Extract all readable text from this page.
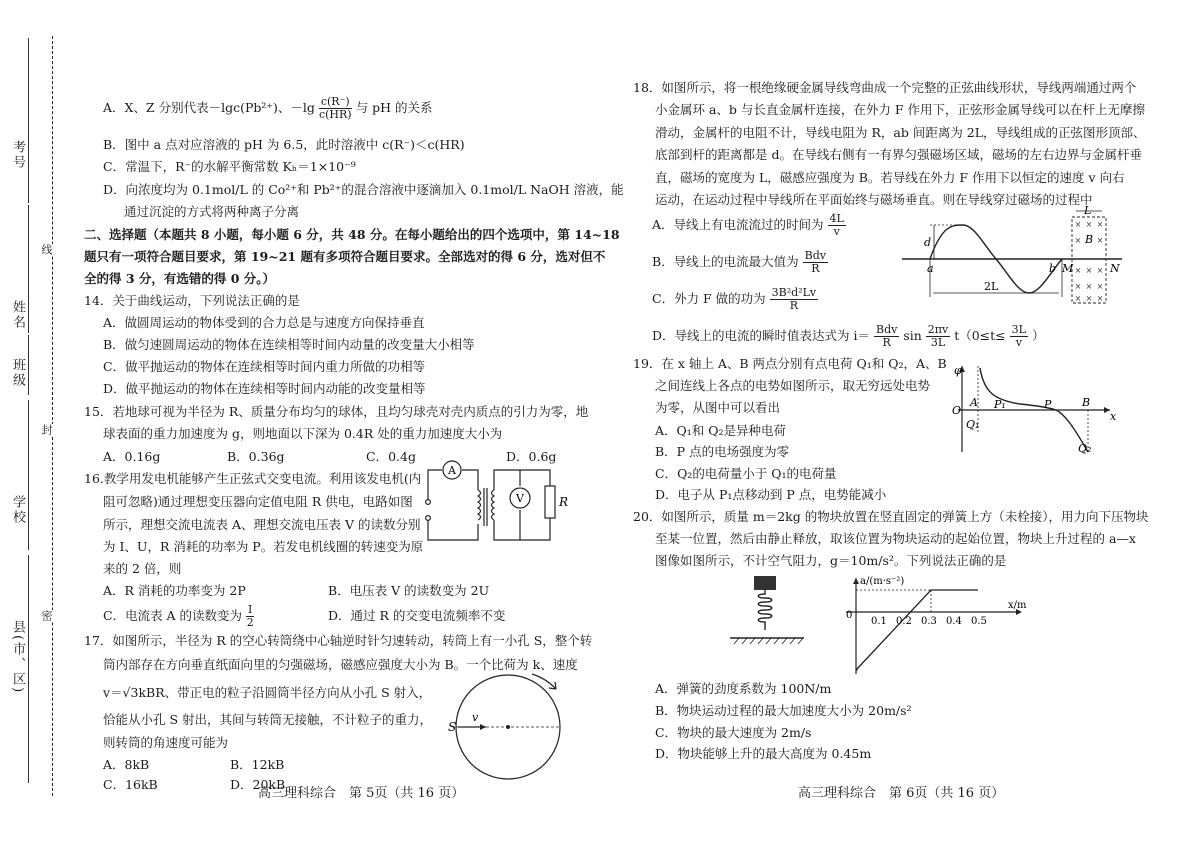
考号
姓名
班级
学校
县(市、区)
线
封
密
A．X、Z 分别代表－lgc(Pb²⁺)、$-\lg \frac{c(R^-)}{c(HR)}$ 与 pH 的关系
B．图中 a 点对应溶液的 pH 为 6.5，此时溶液中 c(R⁻)＜c(HR)
C．常温下，R⁻的水解平衡常数 Kₕ＝1×10⁻⁹
D．向浓度均为 0.1mol/L 的 Co²⁺和 Pb²⁺的混合溶液中逐滴加入 0.1mol/L NaOH 溶液，能
通过沉淀的方式将两种离子分离
二、选择题（本题共 8 小题，每小题 6 分，共 48 分。在每小题给出的四个选项中，第 14~18
题只有一项符合题目要求，第 19~21 题有多项符合题目要求。全部选对的得 6 分，选对但不
全的得 3 分，有选错的得 0 分。）
14．关于曲线运动，下列说法正确的是
A．做圆周运动的物体受到的合力总是与速度方向保持垂直
B．做匀速圆周运动的物体在连续相等时间内动量的改变量大小相等
C．做平抛运动的物体在连续相等时间内重力所做的功相等
D．做平抛运动的物体在连续相等时间内动能的改变量相等
15．若地球可视为半径为 R、质量分布均匀的球体，且均匀球壳对壳内质点的引力为零，地
球表面的重力加速度为 g，则地面以下深为 0.4R 处的重力加速度大小为
A．0.16g	B．0.36g	C．0.4g	D．0.6g
16.教学用发电机能够产生正弦式交变电流。利用该发电机(内
阻可忽略)通过理想变压器向定值电阻 R 供电，电路如图
所示，理想交流电流表 A、理想交流电压表 V 的读数分别
为 I、U，R 消耗的功率为 P。若发电机线圈的转速变为原
来的 2 倍，则
A
V	R
A．R 消耗的功率变为 2P	B．电压表 V 的读数变为 2U
C．电流表 A 的读数变为 $\frac{I}{2}$	D．通过 R 的交变电流频率不变
17．如图所示，半径为 R 的空心转筒绕中心轴逆时针匀速转动，转筒上有一小孔 S，整个转
筒内部存在方向垂直纸面向里的匀强磁场，磁感应强度大小为 B。一个比荷为 k、速度
v＝√3kBR、带正电的粒子沿圆筒半径方向从小孔 S 射入，
恰能从小孔 S 射出，其间与转筒无接触，不计粒子的重力，
则转筒的角速度可能为
A．8kB	B．12kB
C．16kB	D．20kB
S
v
高三理科综合　第 5页（共 16 页）
18．如图所示，将一根绝缘硬金属导线弯曲成一个完整的正弦曲线形状，导线两端通过两个
小金属环 a、b 与长直金属杆连接，在外力 F 作用下，正弦形金属导线可以在杆上无摩擦
滑动，金属杆的电阻不计，导线电阻为 R，ab 间距离为 2L，导线组成的正弦图形顶部、
底部到杆的距离都是 d。在导线右侧有一有界匀强磁场区域，磁场的左右边界与金属杆垂
直，磁场的宽度为 L，磁感应强度为 B。若导线在外力 F 作用下以恒定的速度 v 向右
运动，在运动过程中导线所在平面始终与磁场垂直。则在导线穿过磁场的过程中
A．导线上有电流流过的时间为 $\frac{4L}{v}$
B．导线上的电流最大值为 $\frac{\text{Bdv}}{R}$
C．外力 F 做的功为 $\frac{\text{3B²d²Lv}}{R}$
D．导线上的电流的瞬时值表达式为 $i= \frac{\text{Bdv}}{R}$ $\sin \frac{2\pi v}{3L} t(0\le t\le \frac{3L}{v}$ ）
× × ×
× ×
× × ×
× × ×
× × ×
L
d
a	b M	N
B
2L
19．在 x 轴上 A、B 两点分别有点电荷 Q₁和 Q₂，A、B
之间连线上各点的电势如图所示，取无穷远处电势
为零，从图中可以看出
A．Q₁和 Q₂是异种电荷
B．P 点的电场强度为零
C．Q₂的电荷量小于 Q₁的电荷量
D．电子从 P₁点移动到 P 点，电势能减小
φ
O
A P₁	P	B
Q₁
Q₂
x
20．如图所示，质量 m＝2kg 的物块放置在竖直固定的弹簧上方（未栓接），用力向下压物块
至某一位置，然后由静止释放，取该位置为物块运动的起始位置，物块上升过程的 a—x
图像如图所示，不计空气阻力，g＝10m/s²。下列说法正确的是
a/(m·s⁻²)
x/m
0
0.1 0.2 0.3 0.4 0.5
A．弹簧的劲度系数为 100N/m
B．物块运动过程的最大加速度大小为 20m/s²
C．物块的最大速度为 2m/s
D．物块能够上升的最大高度为 0.45m
高三理科综合　第 6页（共 16 页）
